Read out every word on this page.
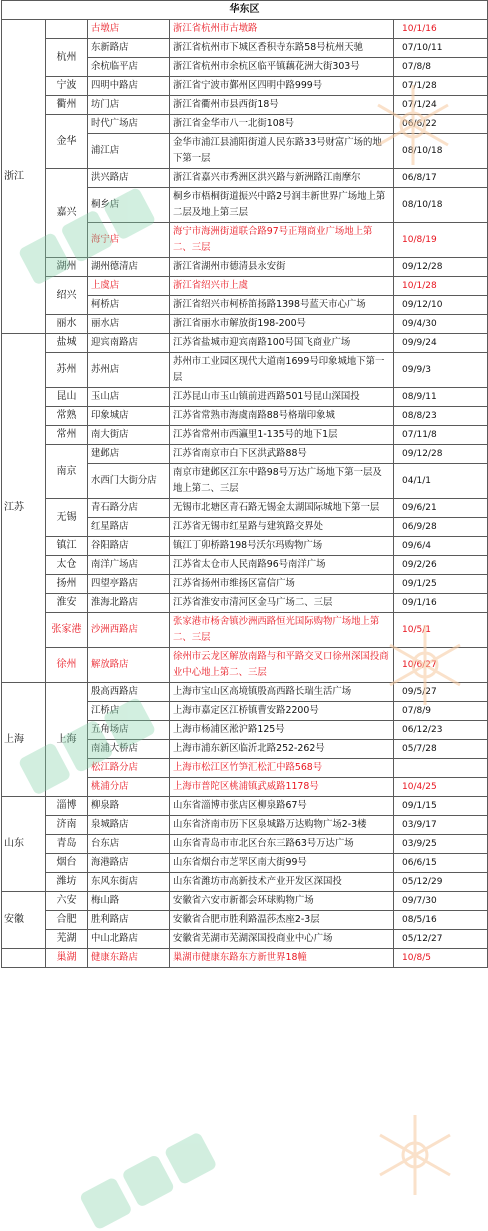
华东区				
浙江		古墩店	浙江省杭州市古墩路	10/1/16
	杭州	东新路店	浙江省杭州市下城区香积寺东路58号杭州天驰	07/10/11
		余杭临平店	浙江省杭州市余杭区临平镇藕花洲大街303号	07/8/8
	宁波	四明中路店	浙江省宁波市鄞州区四明中路999号	07/1/28
	衢州	坊门店	浙江省衢州市县西街18号	07/1/24
	金华	时代广场店	浙江省金华市八一北街108号	06/6/22
		浦江店	金华市浦江县浦阳街道人民东路33号财富广场的地下第一层	08/10/18
	嘉兴	洪兴路店	浙江省嘉兴市秀洲区洪兴路与新洲路江南摩尔	06/8/17
		桐乡店	桐乡市梧桐街道振兴中路2号润丰新世界广场地上第二层及地上第三层	08/10/18
		海宁店	海宁市海洲街道联合路97号正翔商业广场地上第二、三层	10/8/19
	湖州	湖州德清店	浙江省湖州市德清县永安街	09/12/28
	绍兴	上虞店	浙江省绍兴市上虞	10/1/28
		柯桥店	浙江省绍兴市柯桥笛扬路1398号蓝天市心广场	09/12/10
	丽水	丽水店	浙江省丽水市解放街198-200号	09/4/30
江苏	盐城	迎宾南路店	江苏省盐城市迎宾南路100号国飞商业广场	09/9/24
	苏州	苏州店	苏州市工业园区现代大道南1699号印象城地下第一层	09/9/3
	昆山	玉山店	江苏昆山市玉山镇前进西路501号昆山深国投	08/9/11
	常熟	印象城店	江苏省常熟市海虞南路88号格瑞印象城	08/8/23
	常州	南大街店	江苏省常州市西瀛里1-135号的地下1层	07/11/8
	南京	建邺店	江苏省南京市白下区洪武路88号	09/12/28
		水西门大街分店	南京市建邺区江东中路98号万达广场地下第一层及地上第二、三层	04/1/1
	无锡	青石路分店	无锡市北塘区青石路无锡金太湖国际城地下第一层	09/6/21
		红星路店	江苏省无锡市红星路与建筑路交界处	06/9/28
	镇江	谷阳路店	镇江丁卯桥路198号沃尔玛购物广场	09/6/4
	太仓	南洋广场店	江苏省太仓市人民南路96号南洋广场	09/2/26
	扬州	四望亭路店	江苏省扬州市维扬区富信广场	09/1/25
	淮安	淮海北路店	江苏省淮安市清河区金马广场二、三层	09/1/16
	张家港	沙洲西路店	张家港市杨舍镇沙洲西路恒光国际购物广场地上第二、三层	10/5/1
	徐州	解放路店	徐州市云龙区解放南路与和平路交叉口徐州深国投商业中心地上第二、三层	10/6/27
上海	上海	殷高西路店	上海市宝山区高境镇殷高西路长瑞生活广场	09/5/27
		江桥店	上海市嘉定区江桥镇曹安路2200号	07/8/9
		五角场店	上海市杨浦区淞沪路125号	06/12/23
		南浦大桥店	上海市浦东新区临沂北路252-262号	05/7/28
		松江路分店	上海市松江区竹笋汇松汇中路568号	
		桃浦分店	上海市普陀区桃浦镇武威路1178号	10/4/25
山东	淄博	柳泉路	山东省淄博市张店区柳泉路67号	09/1/15
	济南	泉城路店	山东省济南市历下区泉城路万达购物广场2-3楼	03/9/17
	青岛	台东店	山东省青岛市市北区台东三路63号万达广场	03/9/25
	烟台	海港路店	山东省烟台市芝罘区南大街99号	06/6/15
	潍坊	东风东街店	山东省潍坊市高新技术产业开发区深国投	05/12/29
安徽	六安	梅山路	安徽省六安市新都会环球购物广场	09/7/30
	合肥	胜利路店	安徽省合肥市胜利路温莎杰座2-3层	08/5/16
	芜湖	中山北路店	安徽省芜湖市芜湖深国投商业中心广场	05/12/27
	巢湖	健康东路店	巢湖市健康东路东方新世界18幢	10/8/5
